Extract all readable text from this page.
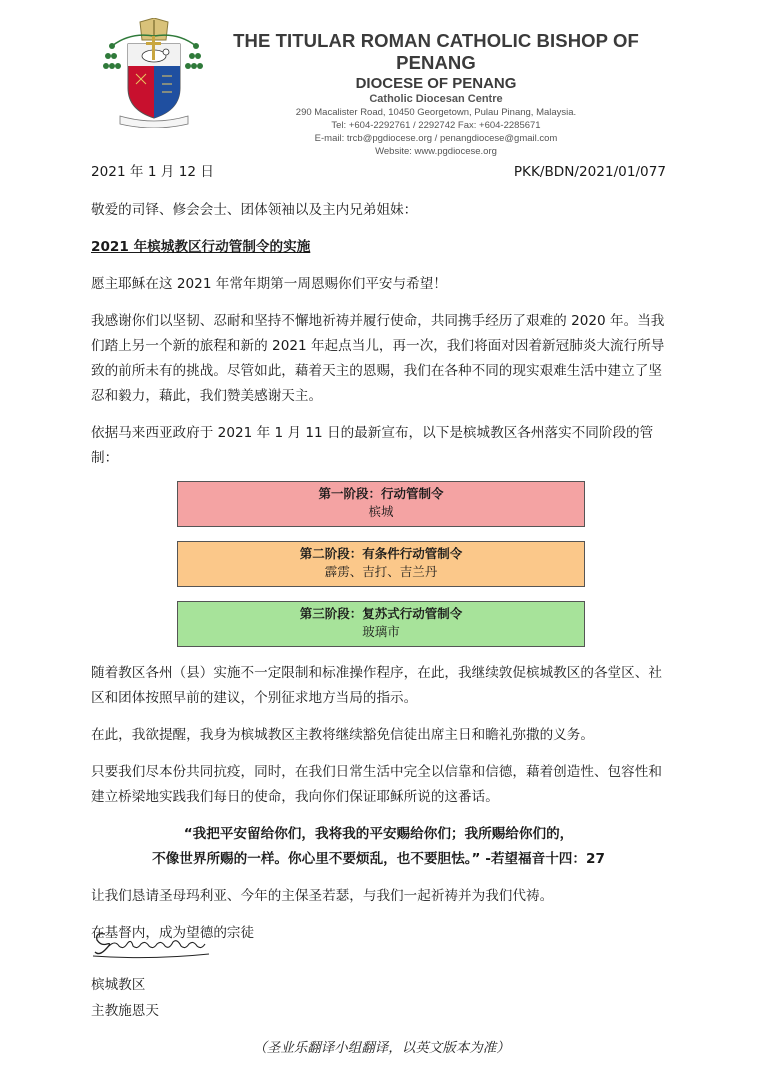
THE TITULAR ROMAN CATHOLIC BISHOP OF PENANG
DIOCESE OF PENANG
Catholic Diocesan Centre
290 Macalister Road, 10450 Georgetown, Pulau Pinang, Malaysia.
Tel: +604-2292761 / 2292742 Fax: +604-2285671
E-mail: trcb@pgdiocese.org / penangdiocese@gmail.com
Website: www.pgdiocese.org
2021 年 1 月 12 日	PKK/BDN/2021/01/077

敬爱的司铎、修会会士、团体领袖以及主内兄弟姐妹：

2021 年槟城教区行动管制令的实施

愿主耶稣在这 2021 年常年期第一周恩赐你们平安与希望！

我感谢你们以坚韧、忍耐和坚持不懈地祈祷并履行使命，共同携手经历了艰难的 2020 年。当我们踏上另一个新的旅程和新的 2021 年起点当儿，再一次，我们将面对因着新冠肺炎大流行所导致的前所未有的挑战。尽管如此，藉着天主的恩赐，我们在各种不同的现实艰难生活中建立了坚忍和毅力，藉此，我们赞美感谢天主。

依据马来西亚政府于 2021 年 1 月 11 日的最新宣布，以下是槟城教区各州落实不同阶段的管制：

第一阶段：行动管制令
槟城
第二阶段：有条件行动管制令
霹雳、吉打、吉兰丹
第三阶段：复苏式行动管制令
玻璃市

随着教区各州（县）实施不一定限制和标准操作程序，在此，我继续敦促槟城教区的各堂区、社区和团体按照早前的建议，个别征求地方当局的指示。

在此，我欲提醒，我身为槟城教区主教将继续豁免信徒出席主日和瞻礼弥撒的义务。

只要我们尽本份共同抗疫，同时，在我们日常生活中完全以信靠和信德，藉着创造性、包容性和建立桥梁地实践我们每日的使命，我向你们保证耶稣所说的这番话。

“我把平安留给你们，我将我的平安赐给你们；我所赐给你们的，
不像世界所赐的一样。你心里不要烦乱，也不要胆怯。” -若望福音十四：27

让我们恳请圣母玛利亚、今年的主保圣若瑟，与我们一起祈祷并为我们代祷。

在基督内，成为望德的宗徒

槟城教区
主教施恩天
（圣业乐翻译小组翻译，以英文版本为准）
